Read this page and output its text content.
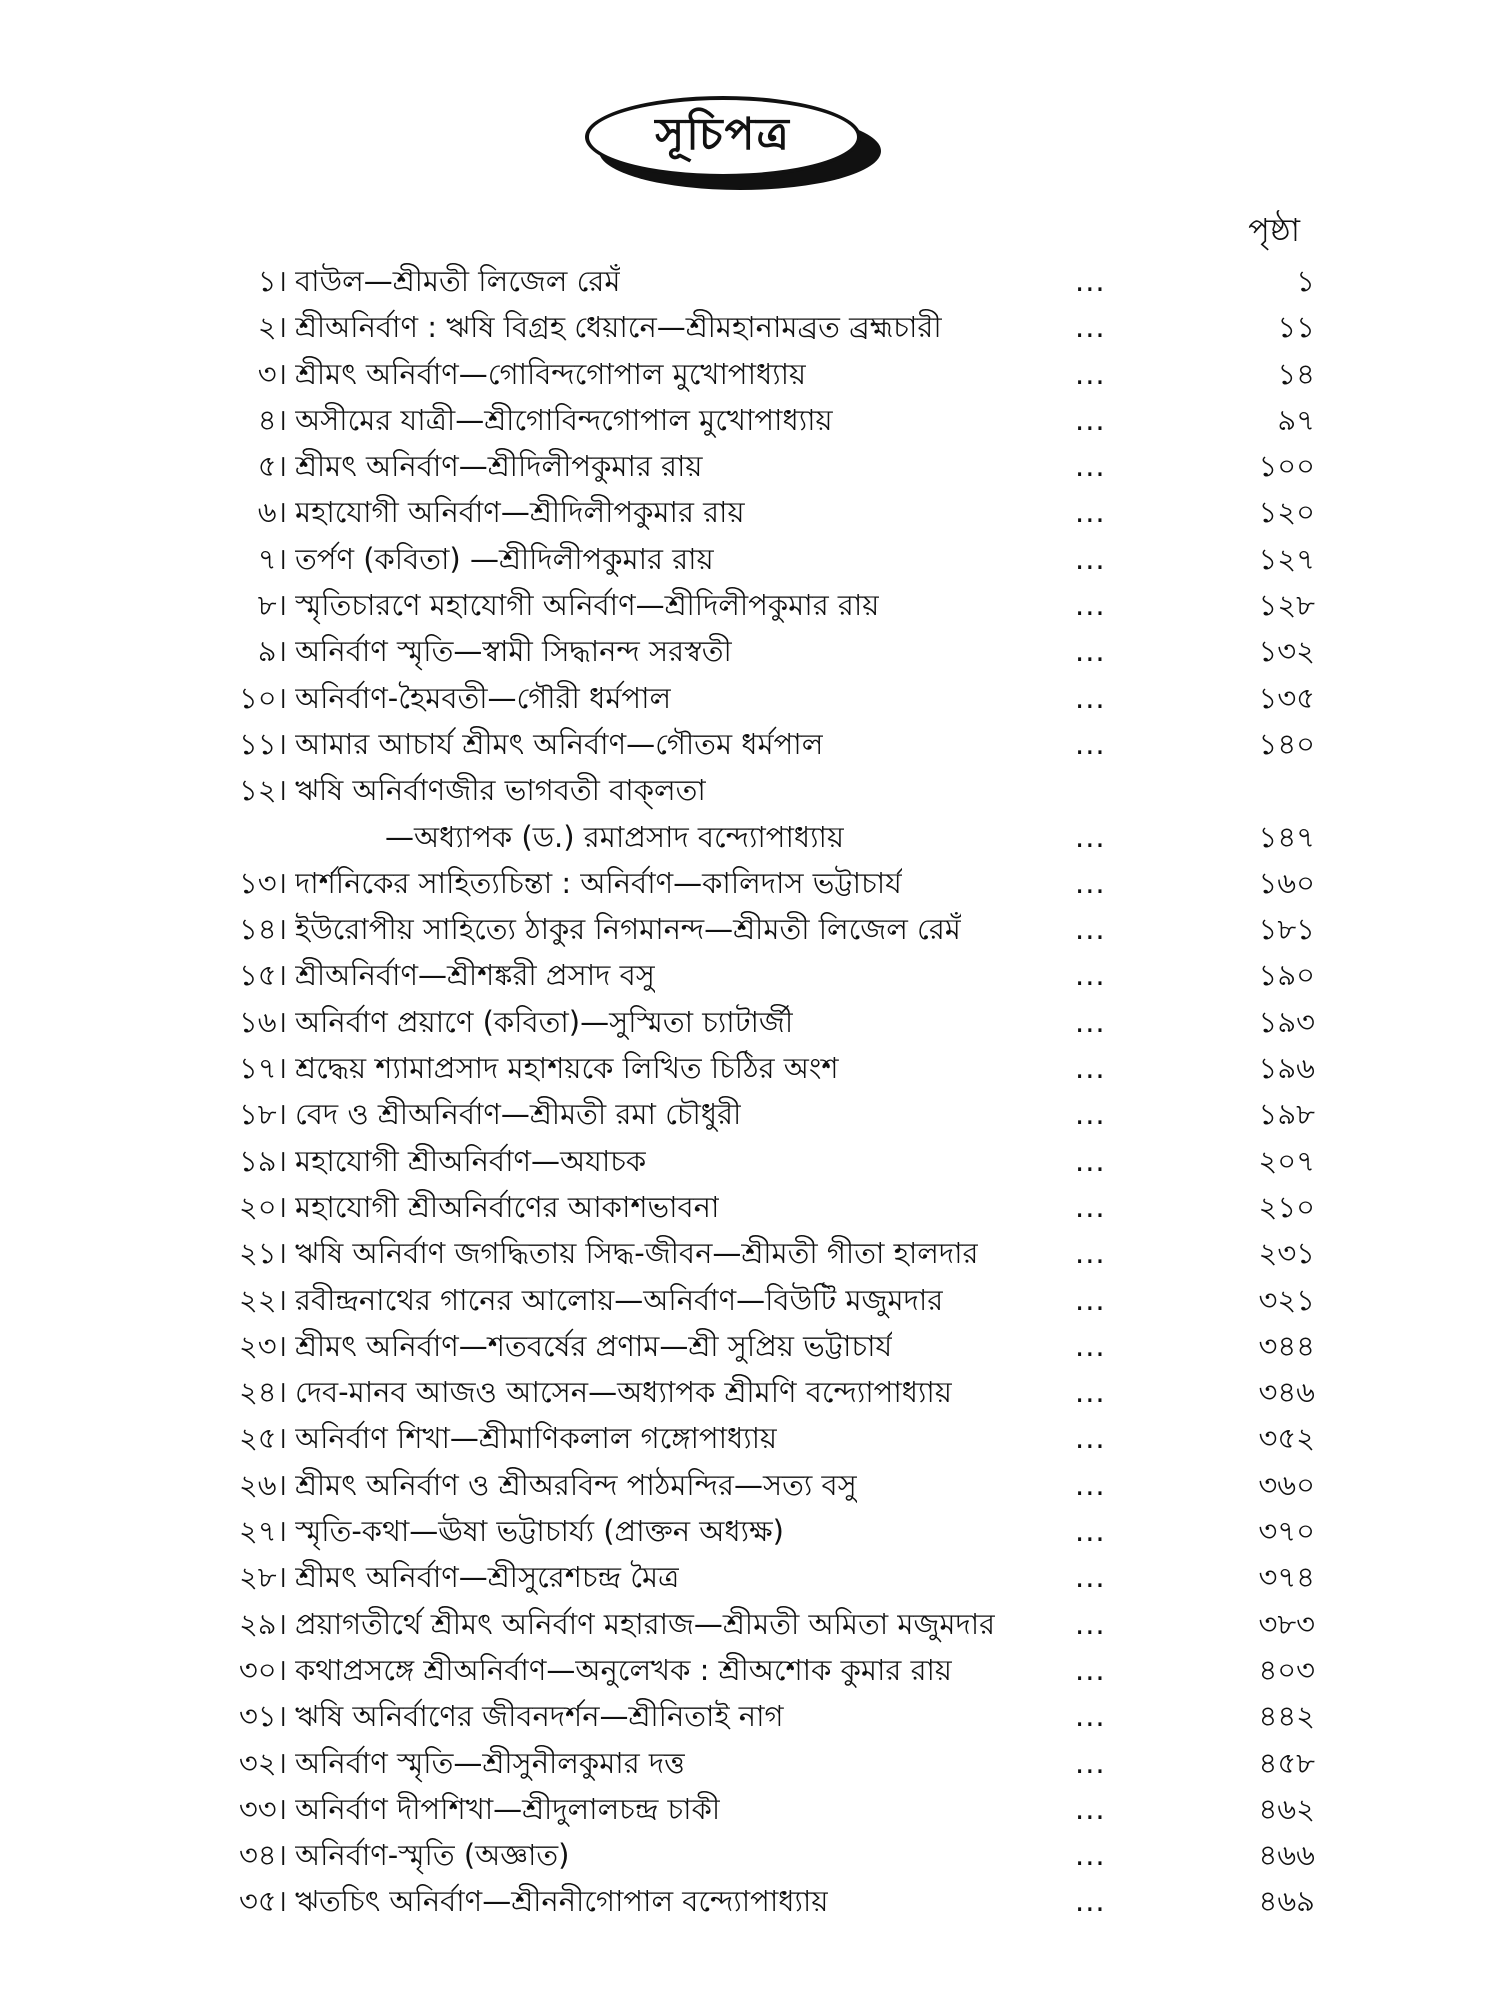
সূচিপত্র
পৃষ্ঠা
১। বাউল—শ্রীমতী লিজেল রেমঁ	...	১
২। শ্রীঅনির্বাণ : ঋষি বিগ্রহ ধেয়ানে—শ্রীমহানামব্রত ব্রহ্মচারী	...	১১
৩। শ্রীমৎ অনির্বাণ—গোবিন্দগোপাল মুখোপাধ্যায়	...	১৪
৪। অসীমের যাত্রী—শ্রীগোবিন্দগোপাল মুখোপাধ্যায়	...	৯৭
৫। শ্রীমৎ অনির্বাণ—শ্রীদিলীপকুমার রায়	...	১০০
৬। মহাযোগী অনির্বাণ—শ্রীদিলীপকুমার রায়	...	১২০
৭। তর্পণ (কবিতা) —শ্রীদিলীপকুমার রায়	...	১২৭
৮। স্মৃতিচারণে মহাযোগী অনির্বাণ—শ্রীদিলীপকুমার রায়	...	১২৮
৯। অনির্বাণ স্মৃতি—স্বামী সিদ্ধানন্দ সরস্বতী	...	১৩২
১০। অনির্বাণ-হৈমবতী—গৌরী ধর্মপাল	...	১৩৫
১১। আমার আচার্য শ্রীমৎ অনির্বাণ—গৌতম ধর্মপাল	...	১৪০
১২। ঋষি অনির্বাণজীর ভাগবতী বাক্‌লতা
—অধ্যাপক (ড.) রমাপ্রসাদ বন্দ্যোপাধ্যায়	...	১৪৭
১৩। দার্শনিকের সাহিত্যচিন্তা : অনির্বাণ—কালিদাস ভট্টাচার্য	...	১৬০
১৪। ইউরোপীয় সাহিত্যে ঠাকুর নিগমানন্দ—শ্রীমতী লিজেল রেমঁ	...	১৮১
১৫। শ্রীঅনির্বাণ—শ্রীশঙ্করী প্রসাদ বসু	...	১৯০
১৬। অনির্বাণ প্রয়াণে (কবিতা)—সুস্মিতা চ্যাটার্জী	...	১৯৩
১৭। শ্রদ্ধেয় শ্যামাপ্রসাদ মহাশয়কে লিখিত চিঠির অংশ	...	১৯৬
১৮। বেদ ও শ্রীঅনির্বাণ—শ্রীমতী রমা চৌধুরী	...	১৯৮
১৯। মহাযোগী শ্রীঅনির্বাণ—অযাচক	...	২০৭
২০। মহাযোগী শ্রীঅনির্বাণের আকাশভাবনা	...	২১০
২১। ঋষি অনির্বাণ জগদ্ধিতায় সিদ্ধ-জীবন—শ্রীমতী গীতা হালদার	...	২৩১
২২। রবীন্দ্রনাথের গানের আলোয়—অনির্বাণ—বিউটি মজুমদার	...	৩২১
২৩। শ্রীমৎ অনির্বাণ—শতবর্ষের প্রণাম—শ্রী সুপ্রিয় ভট্টাচার্য	...	৩৪৪
২৪। দেব-মানব আজও আসেন—অধ্যাপক শ্রীমণি বন্দ্যোপাধ্যায়	...	৩৪৬
২৫। অনির্বাণ শিখা—শ্রীমাণিকলাল গঙ্গোপাধ্যায়	...	৩৫২
২৬। শ্রীমৎ অনির্বাণ ও শ্রীঅরবিন্দ পাঠমন্দির—সত্য বসু	...	৩৬০
২৭। স্মৃতি-কথা—ঊষা ভট্টাচার্য্য (প্রাক্তন অধ্যক্ষ)	...	৩৭০
২৮। শ্রীমৎ অনির্বাণ—শ্রীসুরেশচন্দ্র মৈত্র	...	৩৭৪
২৯। প্রয়াগতীর্থে শ্রীমৎ অনির্বাণ মহারাজ—শ্রীমতী অমিতা মজুমদার	...	৩৮৩
৩০। কথাপ্রসঙ্গে শ্রীঅনির্বাণ—অনুলেখক : শ্রীঅশোক কুমার রায়	...	৪০৩
৩১। ঋষি অনির্বাণের জীবনদর্শন—শ্রীনিতাই নাগ	...	৪৪২
৩২। অনির্বাণ স্মৃতি—শ্রীসুনীলকুমার দত্ত	...	৪৫৮
৩৩। অনির্বাণ দীপশিখা—শ্রীদুলালচন্দ্র চাকী	...	৪৬২
৩৪। অনির্বাণ-স্মৃতি (অজ্ঞাত)	...	৪৬৬
৩৫। ঋতচিৎ অনির্বাণ—শ্রীননীগোপাল বন্দ্যোপাধ্যায়	...	৪৬৯
